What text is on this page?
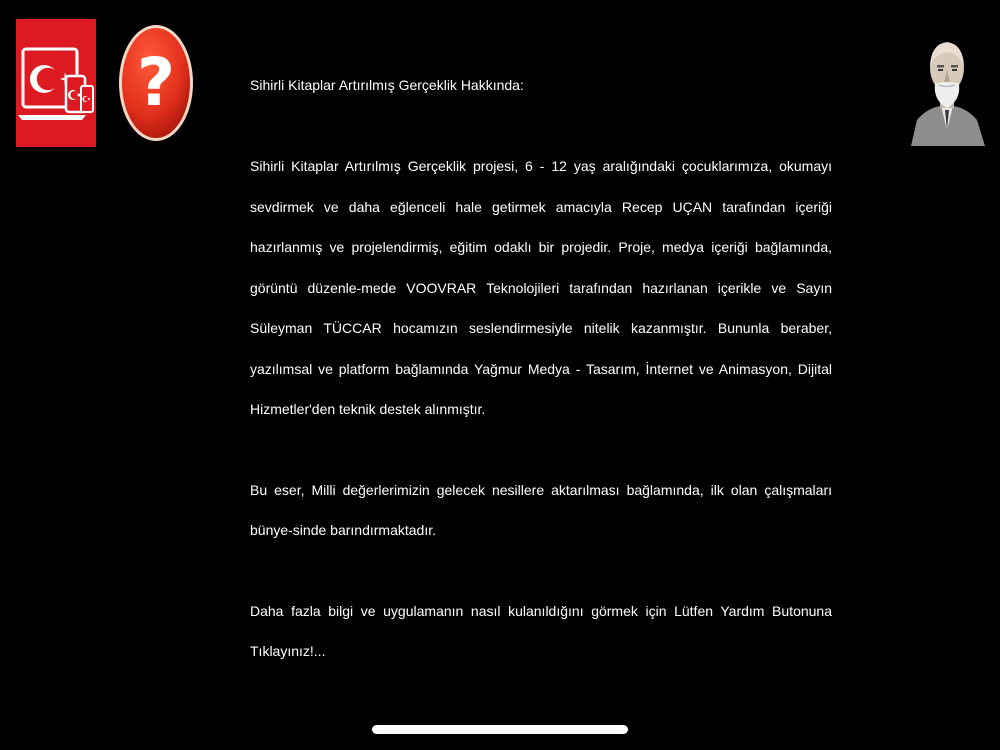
?	Sihirli Kitaplar Artırılmış Gerçeklik Hakkında:

Sihirli Kitaplar Artırılmış Gerçeklik projesi, 6 - 12 yaş aralığındaki çocuklarımıza, okumayı sevdirmek ve daha eğlenceli hale getirmek amacıyla Recep UÇAN tarafından içeriği hazırlanmış ve projelendirmiş, eğitim odaklı bir projedir. Proje, medya içeriği bağlamında, görüntü düzenle-mede VOOVRAR Teknolojileri tarafından hazırlanan içerikle ve Sayın Süleyman TÜCCAR hocamızın seslendirmesiyle nitelik kazanmıştır. Bununla beraber, yazılımsal ve platform bağlamında Yağmur Medya - Tasarım, İnternet ve Animasyon, Dijital Hizmetler'den teknik destek alınmıştır.

Bu eser, Milli değerlerimizin gelecek nesillere aktarılması bağlamında, ilk olan çalışmaları bünye-sinde barındırmaktadır.

Daha fazla bilgi ve uygulamanın nasıl kulanıldığını görmek için Lütfen Yardım Butonuna Tıklayınız!...
